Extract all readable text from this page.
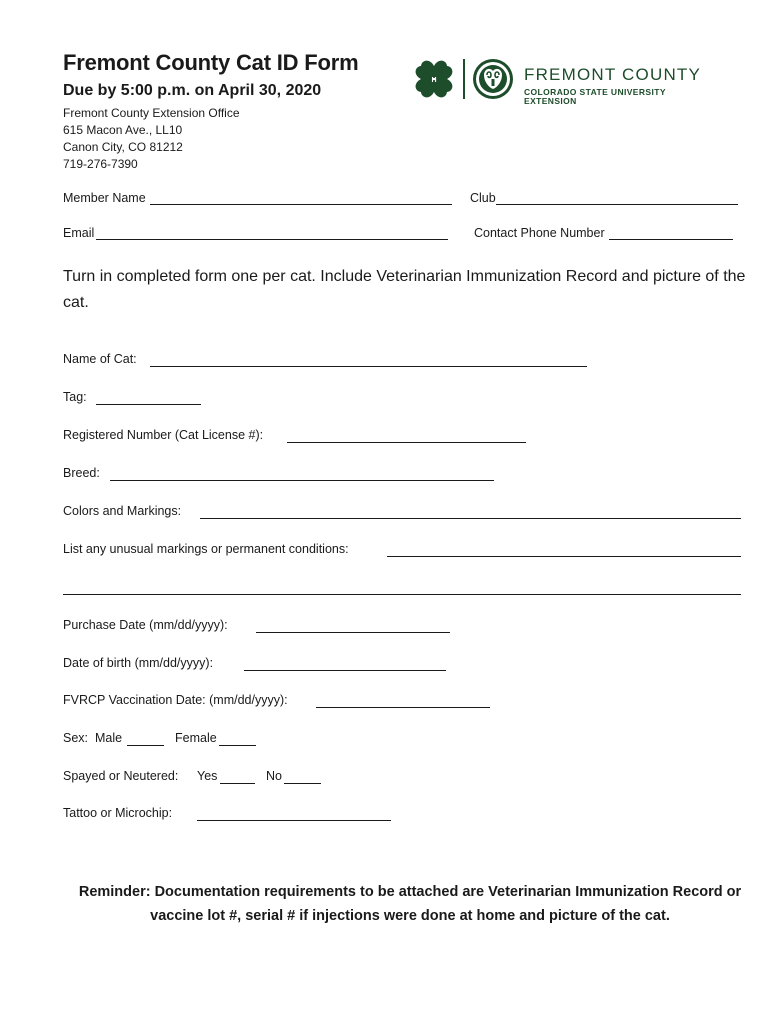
Fremont County Cat ID Form
Due by 5:00 p.m. on April 30, 2020
Fremont County Extension Office
615 Macon Ave., LL10
Canon City, CO 81212
719-276-7390
H	FREMONT COUNTY
COLORADO STATE UNIVERSITY
EXTENSION
Member Name	Club
Email	Contact Phone Number
Turn in completed form one per cat. Include Veterinarian Immunization Record and picture of the cat.
Name of Cat:
Tag:
Registered Number (Cat License #):
Breed:
Colors and Markings:
List any unusual markings or permanent conditions:
Purchase Date (mm/dd/yyyy):
Date of birth (mm/dd/yyyy):
FVRCP Vaccination Date: (mm/dd/yyyy):
Sex: Male	Female
Spayed or Neutered: Yes	No
Tattoo or Microchip:
Reminder: Documentation requirements to be attached are Veterinarian Immunization Record or vaccine lot #, serial # if injections were done at home and picture of the cat.
